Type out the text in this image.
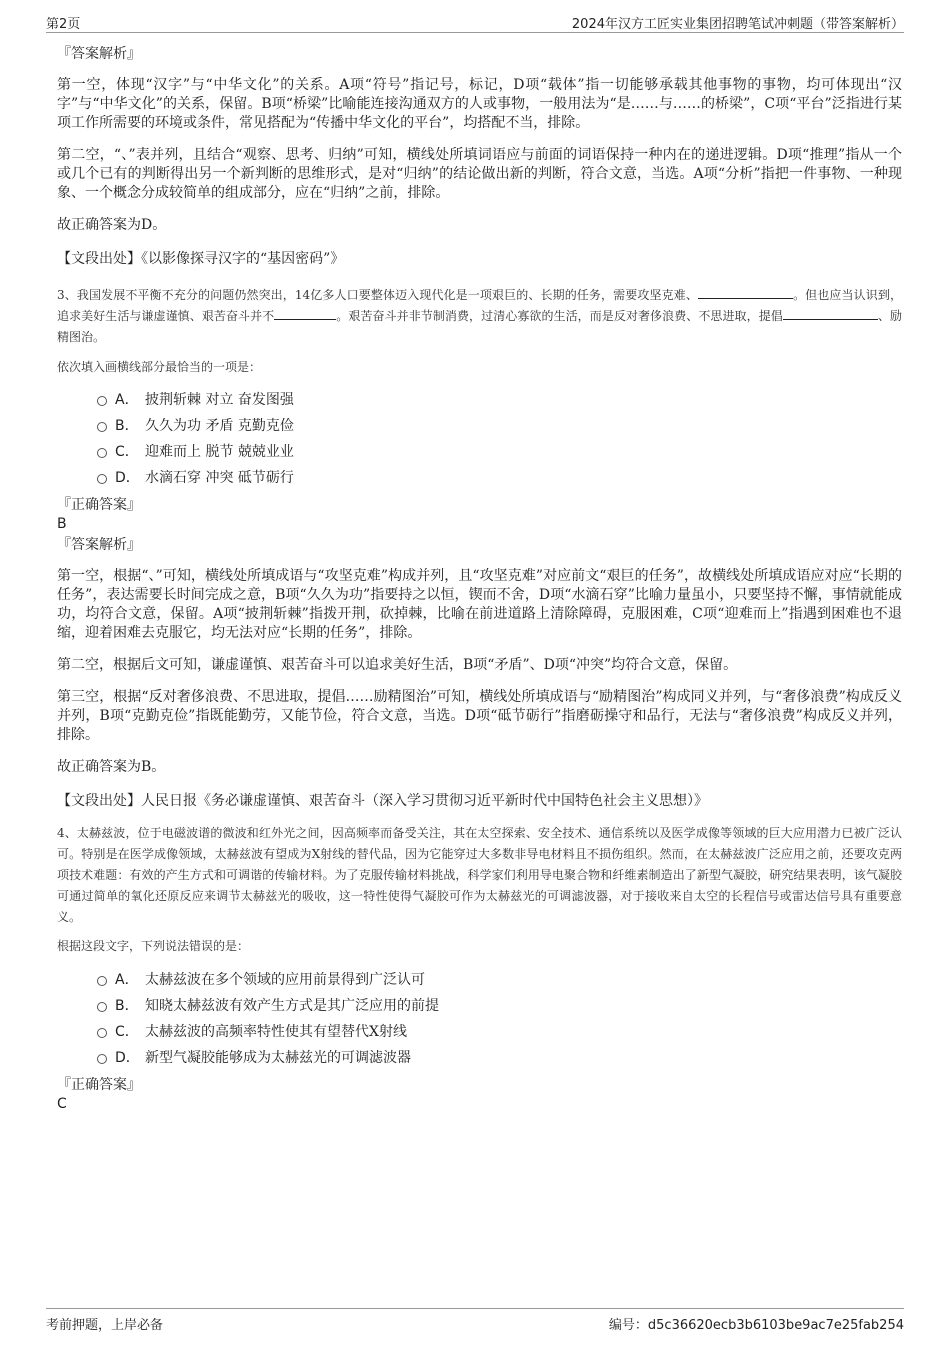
第2页	2024年汉方工匠实业集团招聘笔试冲刺题（带答案解析）

『答案解析』

第一空，体现“汉字”与“中华文化”的关系。A项“符号”指记号，标记，D项“载体”指一切能够承载其他事物的事物，均可体现出“汉字”与“中华文化”的关系，保留。B项“桥梁”比喻能连接沟通双方的人或事物，一般用法为“是……与……的桥梁”，C项“平台”泛指进行某项工作所需要的环境或条件，常见搭配为“传播中华文化的平台”，均搭配不当，排除。

第二空，“、”表并列，且结合“观察、思考、归纳”可知，横线处所填词语应与前面的词语保持一种内在的递进逻辑。D项“推理”指从一个或几个已有的判断得出另一个新判断的思维形式，是对“归纳”的结论做出新的判断，符合文意，当选。A项“分析”指把一件事物、一种现象、一个概念分成较简单的组成部分，应在“归纳”之前，排除。

故正确答案为D。

【文段出处】《以影像探寻汉字的“基因密码”》

3、我国发展不平衡不充分的问题仍然突出，14亿多人口要整体迈入现代化是一项艰巨的、长期的任务，需要攻坚克难、	。但也应当认识到，追求美好生活与谦虚谨慎、艰苦奋斗并不	。艰苦奋斗并非节制消费，过清心寡欲的生活，而是反对奢侈浪费、不思进取，提倡	、励精图治。

依次填入画横线部分最恰当的一项是：

A． 披荆斩棘 对立 奋发图强
B． 久久为功 矛盾 克勤克俭
C． 迎难而上 脱节 兢兢业业
D． 水滴石穿 冲突 砥节砺行

『正确答案』

B

『答案解析』

第一空，根据“、”可知，横线处所填成语与“攻坚克难”构成并列，且“攻坚克难”对应前文“艰巨的任务”，故横线处所填成语应对应“长期的任务”，表达需要长时间完成之意，B项“久久为功”指要持之以恒，锲而不舍，D项“水滴石穿”比喻力量虽小，只要坚持不懈，事情就能成功，均符合文意，保留。A项“披荆斩棘”指拨开荆，砍掉棘，比喻在前进道路上清除障碍，克服困难，C项“迎难而上”指遇到困难也不退缩，迎着困难去克服它，均无法对应“长期的任务”，排除。

第二空，根据后文可知，谦虚谨慎、艰苦奋斗可以追求美好生活，B项“矛盾”、D项“冲突”均符合文意，保留。

第三空，根据“反对奢侈浪费、不思进取，提倡……励精图治”可知，横线处所填成语与“励精图治”构成同义并列，与“奢侈浪费”构成反义并列，B项“克勤克俭”指既能勤劳，又能节俭，符合文意，当选。D项“砥节砺行”指磨砺操守和品行，无法与“奢侈浪费”构成反义并列，排除。

故正确答案为B。

【文段出处】人民日报《务必谦虚谨慎、艰苦奋斗（深入学习贯彻习近平新时代中国特色社会主义思想）》

4、太赫兹波，位于电磁波谱的微波和红外光之间，因高频率而备受关注，其在太空探索、安全技术、通信系统以及医学成像等领域的巨大应用潜力已被广泛认可。特别是在医学成像领域，太赫兹波有望成为X射线的替代品，因为它能穿过大多数非导电材料且不损伤组织。然而，在太赫兹波广泛应用之前，还要攻克两项技术难题：有效的产生方式和可调谐的传输材料。为了克服传输材料挑战，科学家们利用导电聚合物和纤维素制造出了新型气凝胶，研究结果表明，该气凝胶可通过简单的氧化还原反应来调节太赫兹光的吸收，这一特性使得气凝胶可作为太赫兹光的可调滤波器，对于接收来自太空的长程信号或雷达信号具有重要意义。

根据这段文字，下列说法错误的是：

A． 太赫兹波在多个领域的应用前景得到广泛认可
B． 知晓太赫兹波有效产生方式是其广泛应用的前提
C． 太赫兹波的高频率特性使其有望替代X射线
D． 新型气凝胶能够成为太赫兹光的可调滤波器

『正确答案』

C

考前押题，上岸必备	编号：d5c36620ecb3b6103be9ac7e25fab254
